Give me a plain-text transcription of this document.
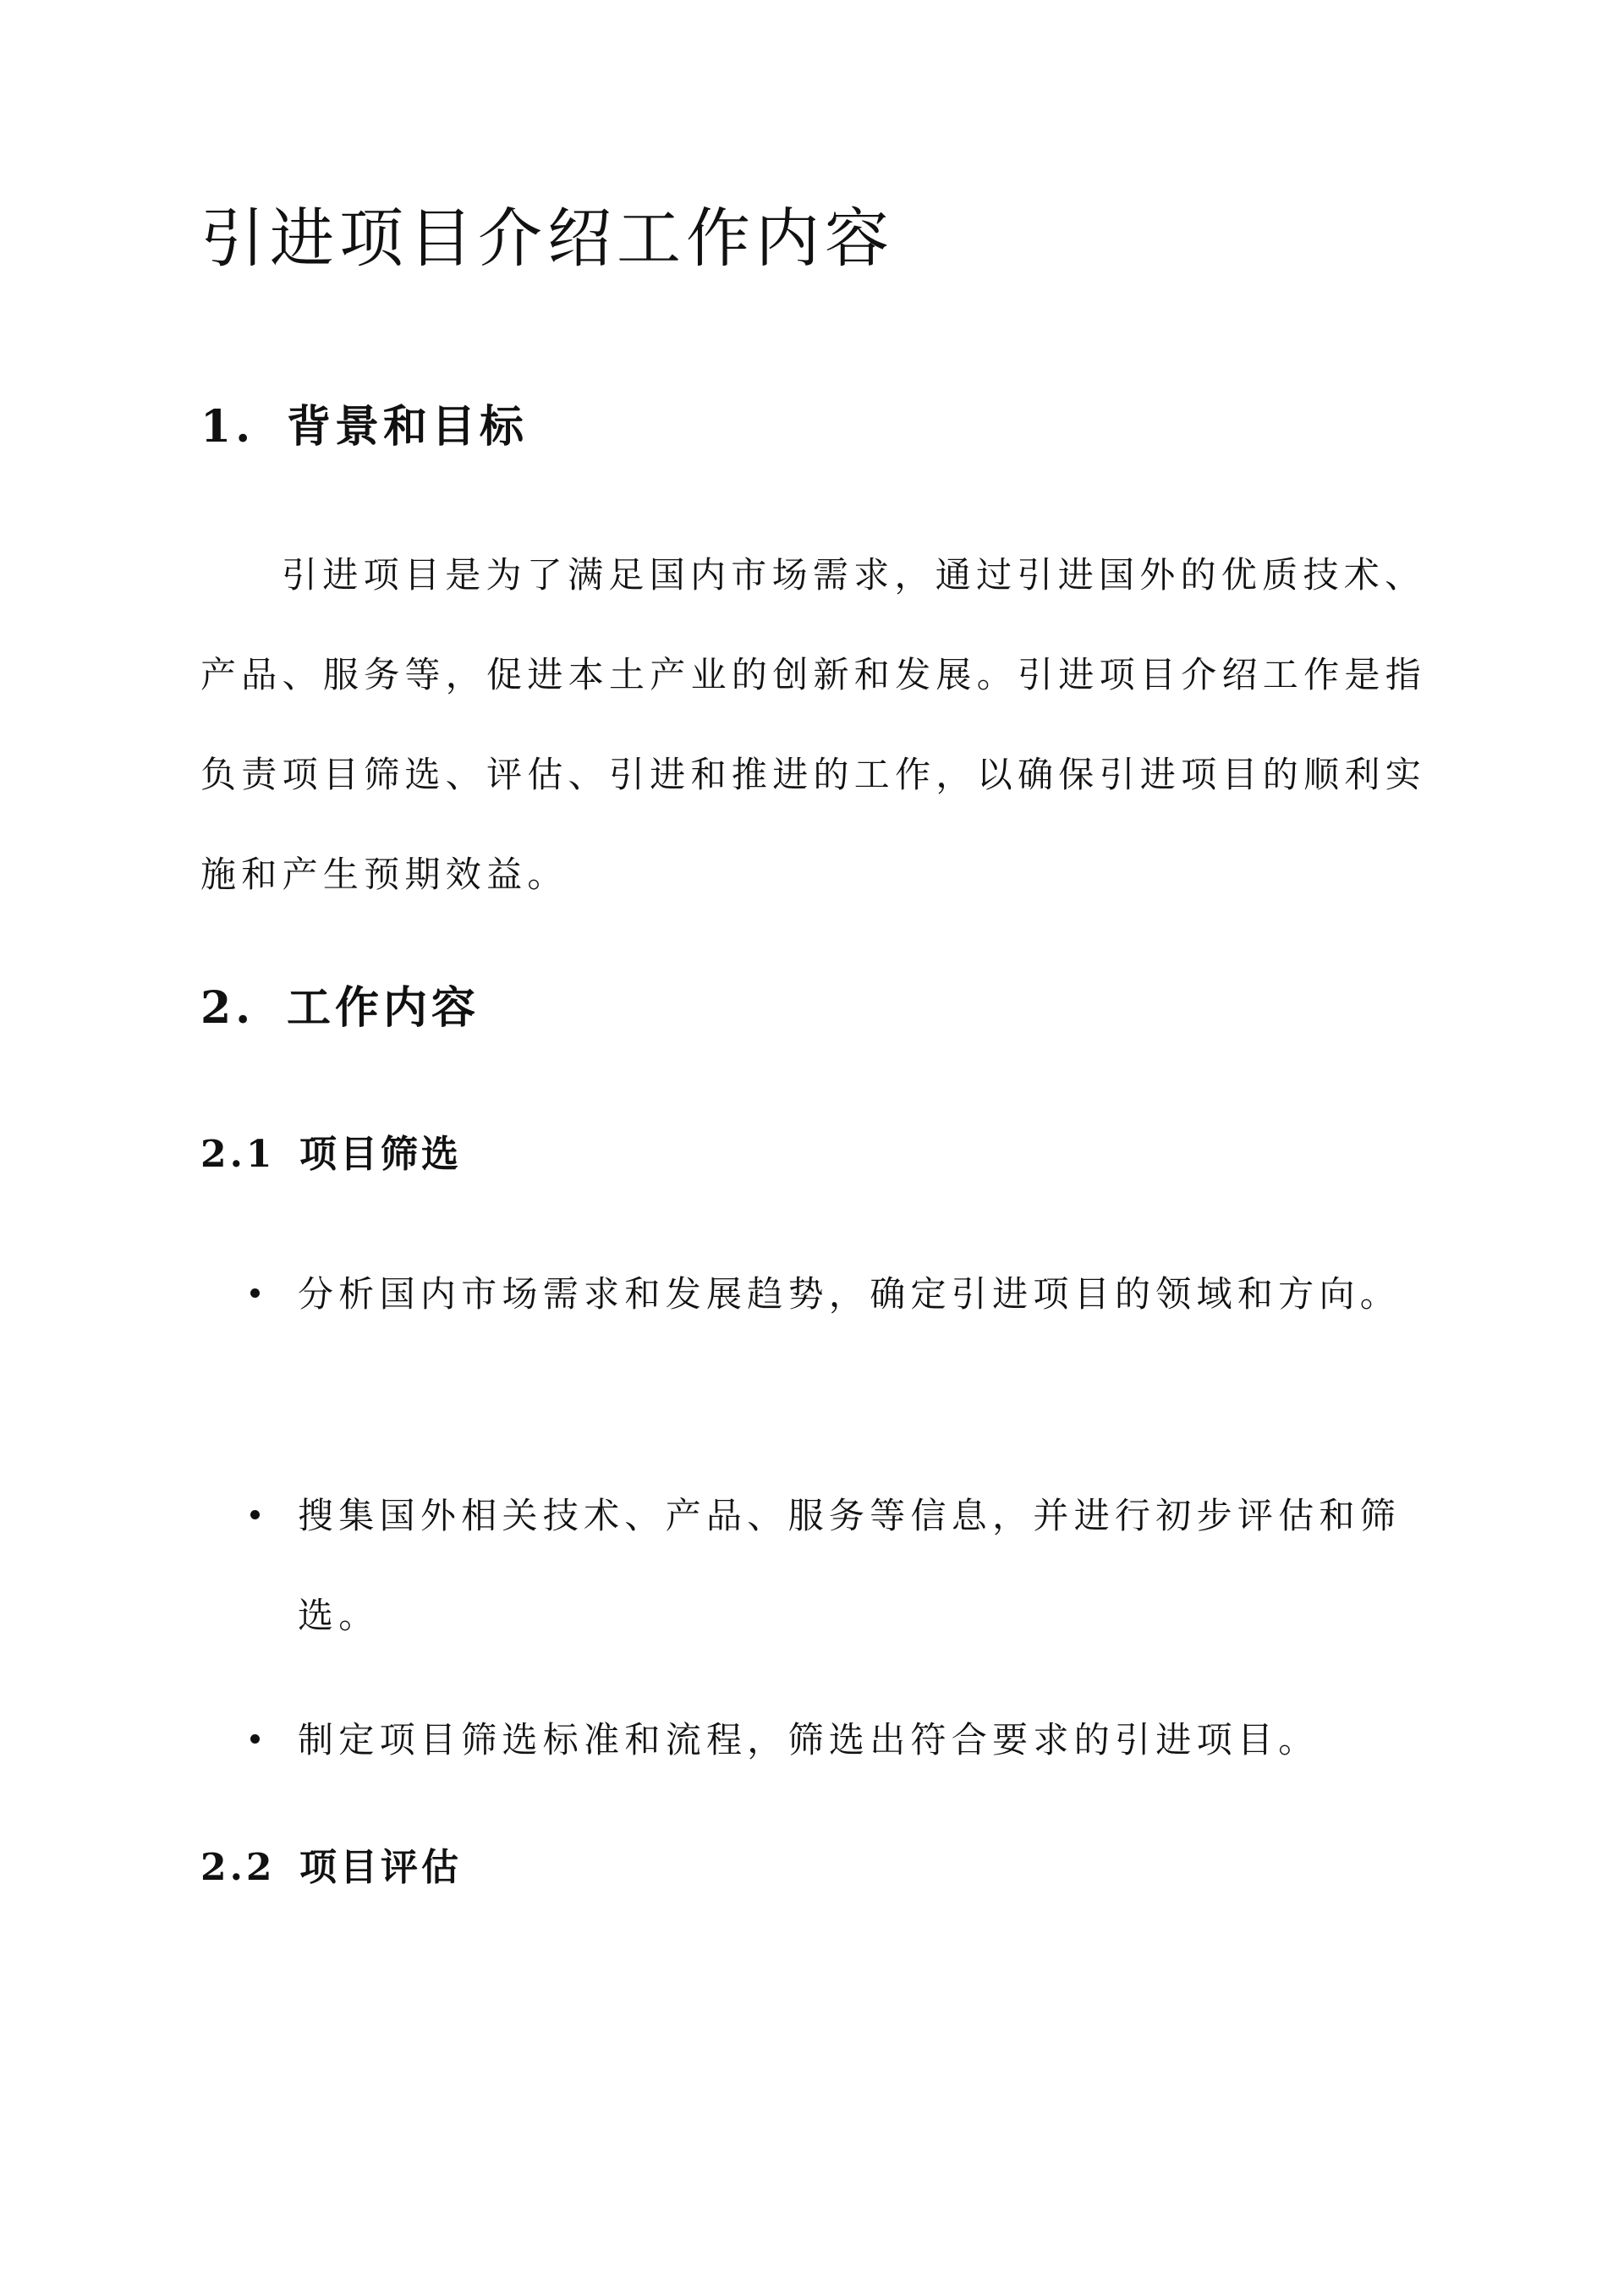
引进项目介绍工作内容
1. 背景和目标

引进项目是为了满足国内市场需求，通过引进国外的优质技术、产品、服务等，促进本土产业的创新和发展。引进项目介绍工作是指负责项目筛选、评估、引进和推进的工作，以确保引进项目的顺利实施和产生预期效益。

2. 工作内容
2.1 项目筛选
分析国内市场需求和发展趋势，确定引进项目的领域和方向。
搜集国外相关技术、产品、服务等信息，并进行初步评估和筛选。
制定项目筛选标准和流程，筛选出符合要求的引进项目。
2.2 项目评估
